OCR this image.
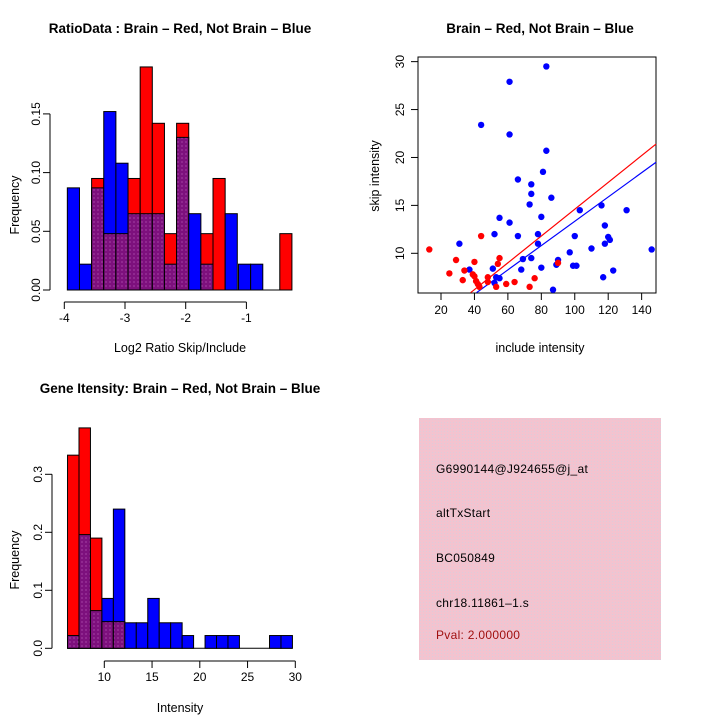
0.00
0.05
0.10
0.15
-4	-3	-2	-1
RatioData : Brain – Red, Not Brain – Blue
Log2 Ratio Skip/Include
Frequency
20 40 60 80 100 120 140
10
15
20
25
30
Brain – Red, Not Brain – Blue
include intensity
skip intensity
0.0
0.1
0.2
0.3
10	15	20	25	30
Gene Itensity: Brain – Red, Not Brain – Blue
Intensity
Frequency
G6990144@J924655@j_at
altTxStart
BC050849
chr18.11861–1.s
Pval: 2.000000
